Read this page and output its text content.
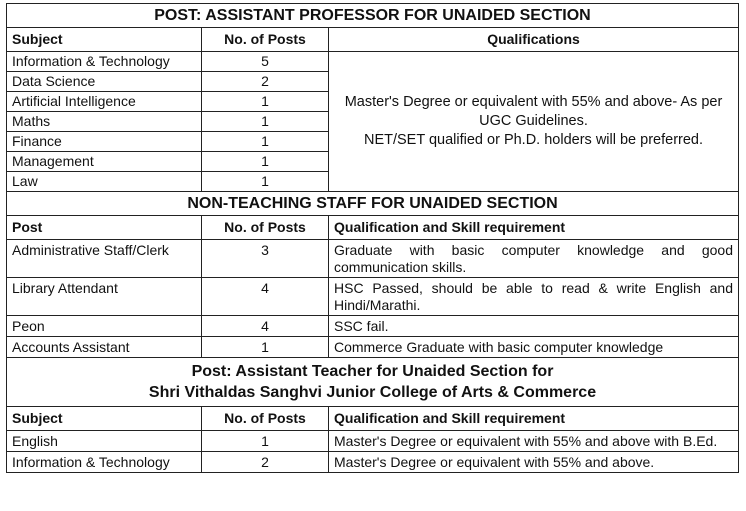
POST: ASSISTANT PROFESSOR FOR UNAIDED SECTION		
Subject	No. of Posts	Qualifications
Information & Technology	5	Master's Degree or equivalent with 55% and above- As per
UGC Guidelines.
NET/SET qualified or Ph.D. holders will be preferred.

Data Science	2	
Artificial Intelligence	1	
Maths	1	
Finance	1	
Management	1	
Law	1	
NON-TEACHING STAFF FOR UNAIDED SECTION		
Post	No. of Posts	Qualification and Skill requirement
Administrative Staff/Clerk	3	Graduate with basic computer knowledge and good communication skills.
Library Attendant	4	HSC Passed, should be able to read & write English and Hindi/Marathi.
Peon	4	SSC fail.
Accounts Assistant	1	Commerce Graduate with basic computer knowledge

Post: Assistant Teacher for Unaided Section for
Shri Vithaldas Sanghvi Junior College of Arts & Commerce		

Subject	No. of Posts	Qualification and Skill requirement
English	1	Master's Degree or equivalent with 55% and above with B.Ed.
Information & Technology	2	Master's Degree or equivalent with 55% and above.
